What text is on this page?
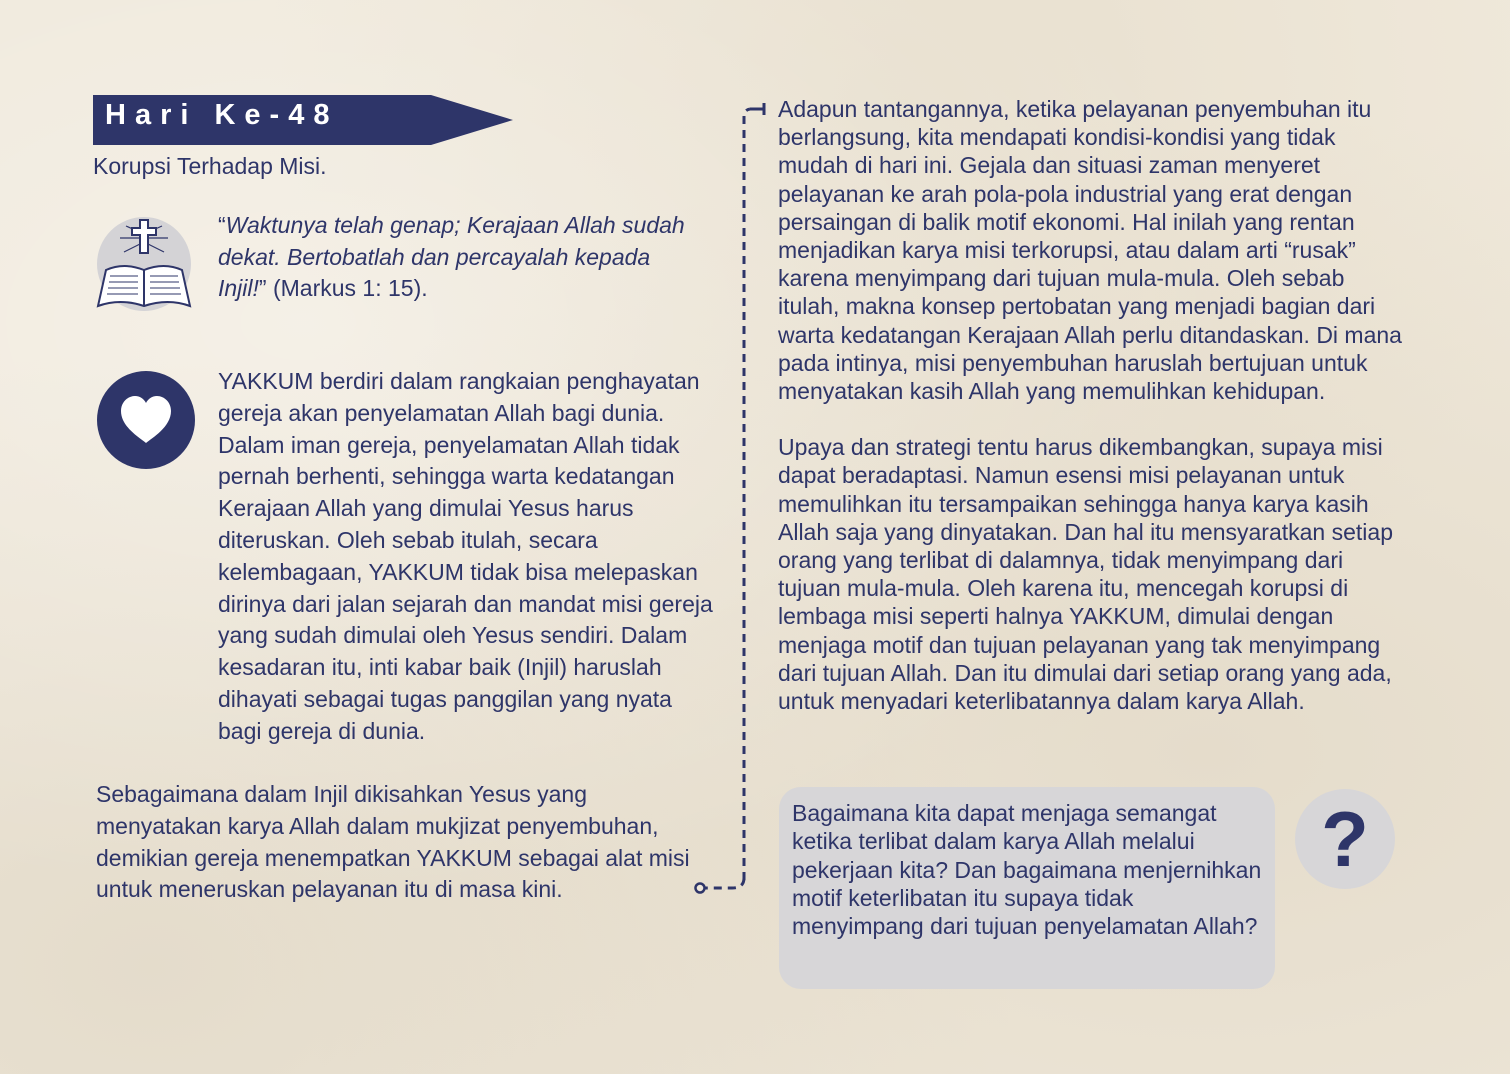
Hari Ke-48
Korupsi Terhadap Misi.
“Waktunya telah genap; Kerajaan Allah sudah dekat. Bertobatlah dan percayalah kepada Injil!” (Markus 1: 15).
YAKKUM berdiri dalam rangkaian penghayatan gereja akan penyelamatan Allah bagi dunia. Dalam iman gereja, penyelamatan Allah tidak pernah berhenti, sehingga warta kedatangan Kerajaan Allah yang dimulai Yesus harus diteruskan. Oleh sebab itulah, secara kelembagaan, YAKKUM tidak bisa melepaskan dirinya dari jalan sejarah dan mandat misi gereja yang sudah dimulai oleh Yesus sendiri. Dalam kesadaran itu, inti kabar baik (Injil) haruslah dihayati sebagai tugas panggilan yang nyata bagi gereja di dunia.
Sebagaimana dalam Injil dikisahkan Yesus yang menyatakan karya Allah dalam mukjizat penyembuhan, demikian gereja menempatkan YAKKUM sebagai alat misi untuk meneruskan pelayanan itu di masa kini.

Adapun tantangannya, ketika pelayanan penyembuhan itu berlangsung, kita mendapati kondisi-kondisi yang tidak mudah di hari ini. Gejala dan situasi zaman menyeret pelayanan ke arah pola-pola industrial yang erat dengan persaingan di balik motif ekonomi. Hal inilah yang rentan menjadikan karya misi terkorupsi, atau dalam arti “rusak” karena menyimpang dari tujuan mula-mula. Oleh sebab itulah, makna konsep pertobatan yang menjadi bagian dari warta kedatangan Kerajaan Allah perlu ditandaskan. Di mana pada intinya, misi penyembuhan haruslah bertujuan untuk menyatakan kasih Allah yang memulihkan kehidupan.

Upaya dan strategi tentu harus dikembangkan, supaya misi dapat beradaptasi. Namun esensi misi pelayanan untuk memulihkan itu tersampaikan sehingga hanya karya kasih Allah saja yang dinyatakan. Dan hal itu mensyaratkan setiap orang yang terlibat di dalamnya, tidak menyimpang dari tujuan mula-mula. Oleh karena itu, mencegah korupsi di lembaga misi seperti halnya YAKKUM, dimulai dengan menjaga motif dan tujuan pelayanan yang tak menyimpang dari tujuan Allah. Dan itu dimulai dari setiap orang yang ada, untuk menyadari keterlibatannya dalam karya Allah.

Bagaimana kita dapat menjaga semangat ketika terlibat dalam karya Allah melalui pekerjaan kita? Dan bagaimana menjernihkan motif keterlibatan itu supaya tidak menyimpang dari tujuan penyelamatan Allah?
?
